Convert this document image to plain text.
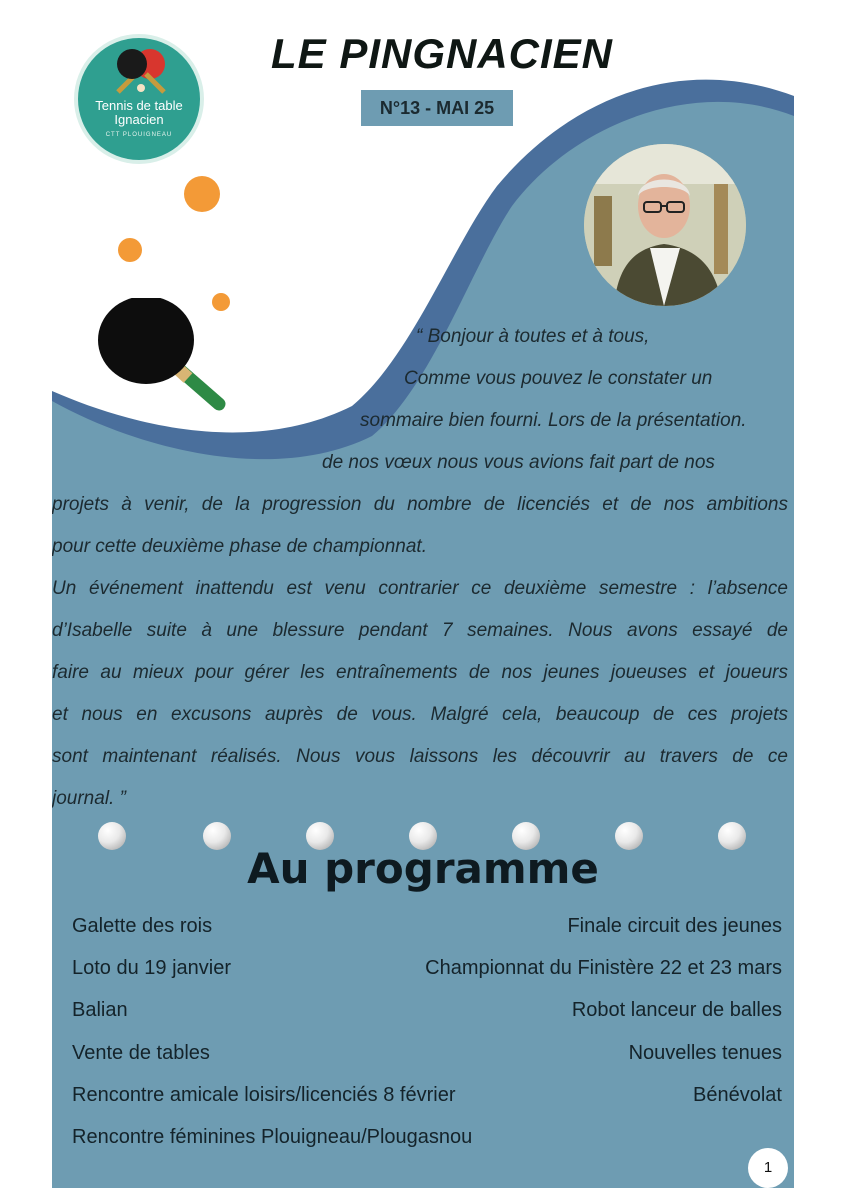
Tennis de table
Ignacien
CTT PLOUIGNEAU
LE PINGNACIEN
N°13 - MAI 25

“ Bonjour à toutes et à tous,

Comme vous pouvez le constater un

sommaire bien fourni. Lors de la présentation.

de nos vœux nous vous avions fait part de nos

projets à venir, de la progression du nombre de licenciés et de nos ambitions

pour cette deuxième phase de championnat.

Un événement inattendu est venu contrarier ce deuxième semestre : l’absence

d’Isabelle suite à une blessure pendant 7 semaines. Nous avons essayé de

faire au mieux pour gérer les entraînements de nos jeunes joueuses et joueurs

et nous en excusons auprès de vous. Malgré cela, beaucoup de ces projets

sont maintenant réalisés. Nous vous laissons les découvrir au travers de ce

journal. ”

Au programme
Galette des rois
Loto du 19 janvier
Balian
Vente de tables
Rencontre amicale loisirs/licenciés 8 février
Rencontre féminines Plouigneau/Plougasnou
Finale circuit des jeunes
Championnat du Finistère 22 et 23 mars
Robot lanceur de balles
Nouvelles tenues
Bénévolat
1
